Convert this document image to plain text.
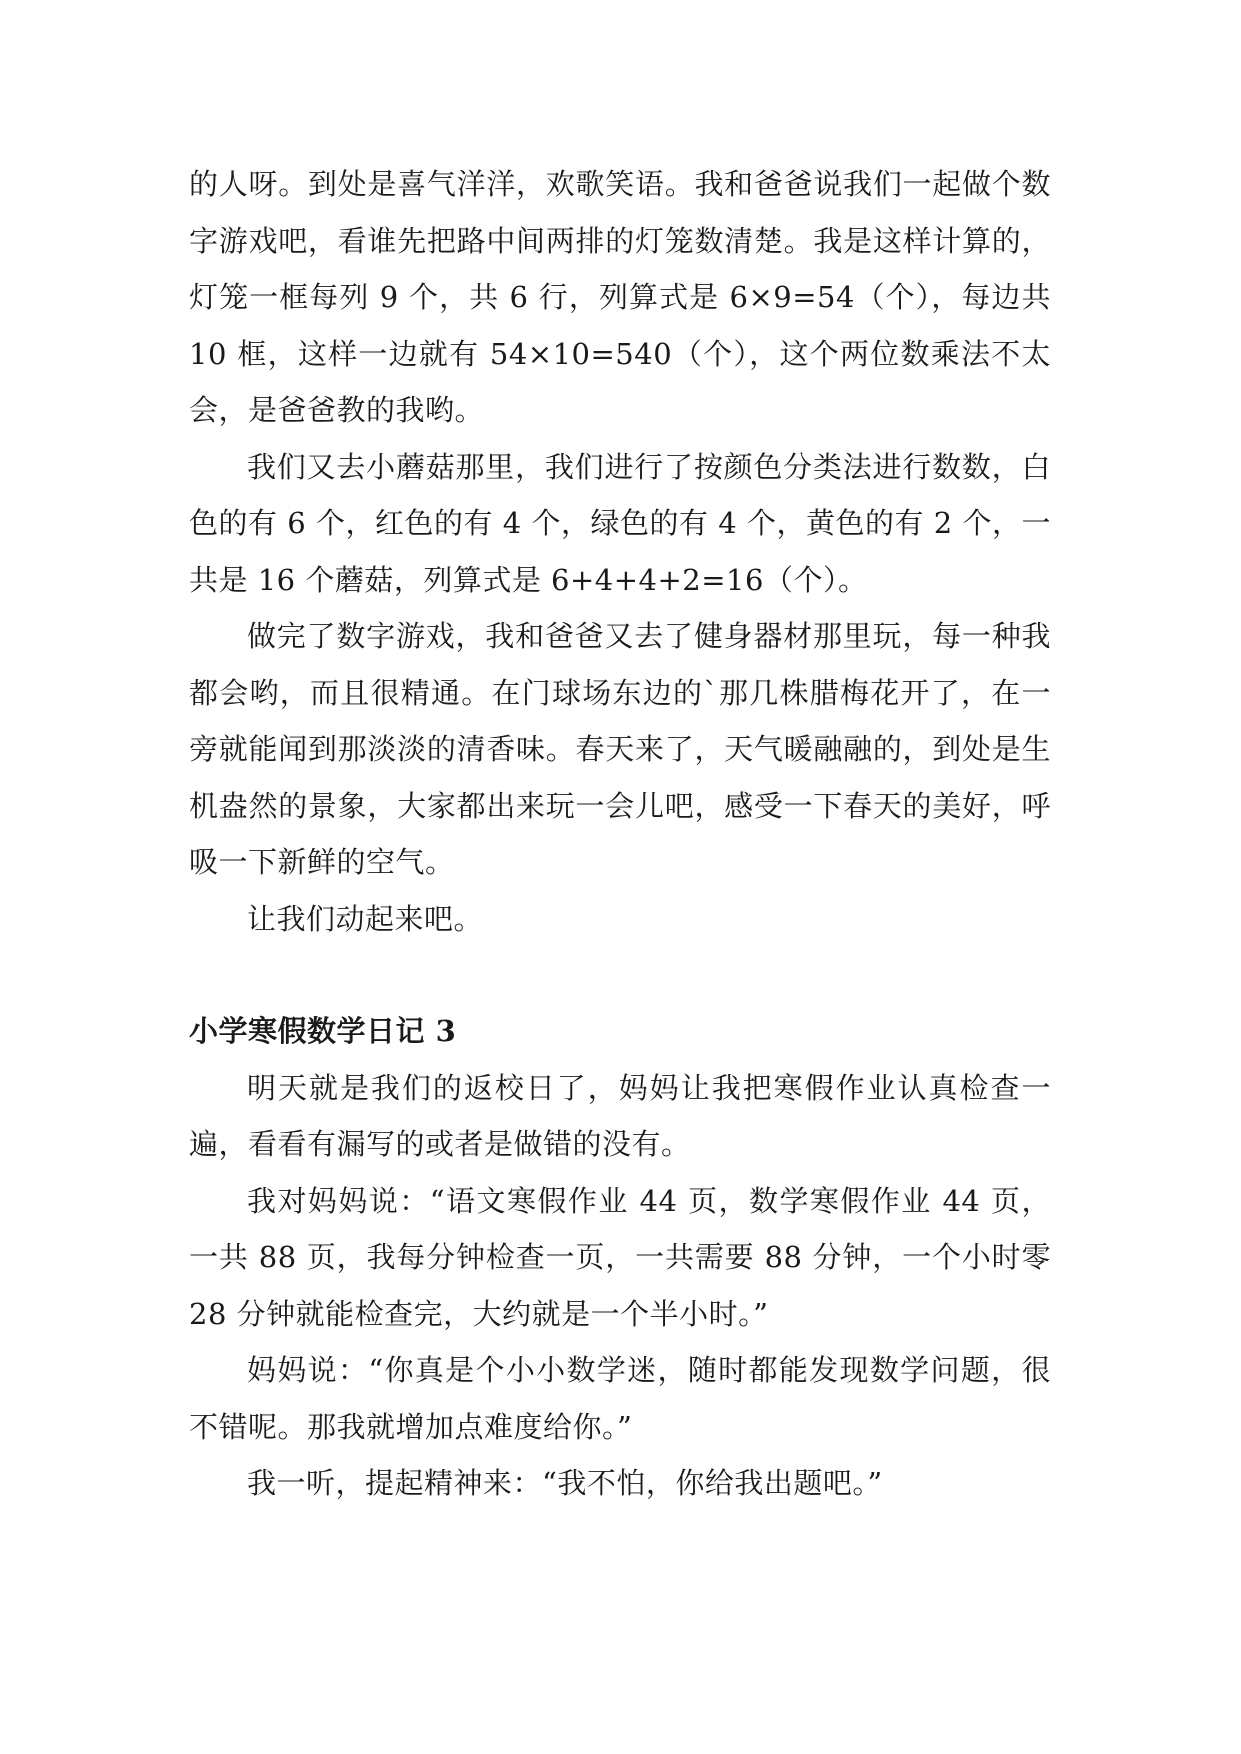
的人呀。到处是喜气洋洋，欢歌笑语。我和爸爸说我们一起做个数字游戏吧，看谁先把路中间两排的灯笼数清楚。我是这样计算的，灯笼一框每列 9 个，共 6 行，列算式是 6×9=54（个），每边共 10 框，这样一边就有 54×10=540（个），这个两位数乘法不太会，是爸爸教的我哟。

我们又去小蘑菇那里，我们进行了按颜色分类法进行数数，白色的有 6 个，红色的有 4 个，绿色的有 4 个，黄色的有 2 个，一共是 16 个蘑菇，列算式是 6+4+4+2=16（个）。

做完了数字游戏，我和爸爸又去了健身器材那里玩，每一种我都会哟，而且很精通。在门球场东边的`那几株腊梅花开了，在一旁就能闻到那淡淡的清香味。春天来了，天气暖融融的，到处是生机盎然的景象，大家都出来玩一会儿吧，感受一下春天的美好，呼吸一下新鲜的空气。

让我们动起来吧。

小学寒假数学日记 3

明天就是我们的返校日了，妈妈让我把寒假作业认真检查一遍，看看有漏写的或者是做错的没有。

我对妈妈说：“语文寒假作业 44 页，数学寒假作业 44 页，一共 88 页，我每分钟检查一页，一共需要 88 分钟，一个小时零 28 分钟就能检查完，大约就是一个半小时。”

妈妈说：“你真是个小小数学迷，随时都能发现数学问题，很不错呢。那我就增加点难度给你。”

我一听，提起精神来：“我不怕，你给我出题吧。”
